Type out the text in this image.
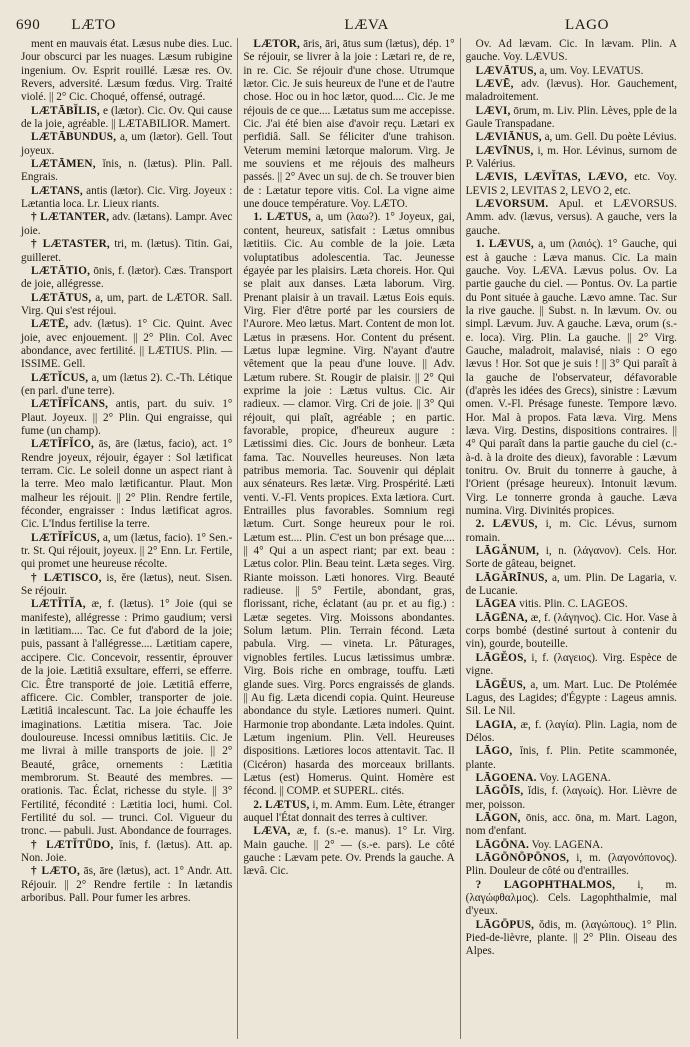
690	LÆTO	LÆVA	LAGO

ment en mauvais état. Læsus nube dies. Luc. Jour obscurci par les nuages. Læsum rubigine ingenium. Ov. Esprit rouillé. Læsæ res. Ov. Revers, adversité. Læsum fœdus. Virg. Traité violé. || 2° Cic. Choqué, offensé, outragé.

LÆTĀBĬLIS, e (lætor). Cic. Ov. Qui cause de la joie, agréable. || LÆTABILIOR. Mamert.

LÆTĀBUNDUS, a, um (lætor). Gell. Tout joyeux.

LÆTĀMEN, ĭnis, n. (lætus). Plin. Pall. Engrais.

LÆTANS, antis (lætor). Cic. Virg. Joyeux : Lætantia loca. Lr. Lieux riants.

† LÆTANTER, adv. (lætans). Lampr. Avec joie.

† LÆTASTER, tri, m. (lætus). Titin. Gai, guilleret.

LÆTĀTIO, ōnis, f. (lætor). Cæs. Transport de joie, allégresse.

LÆTĀTUS, a, um, part. de LÆTOR. Sall. Virg. Qui s'est réjoui.

LÆTĒ, adv. (lætus). 1° Cic. Quint. Avec joie, avec enjouement. || 2° Plin. Col. Avec abondance, avec fertilité. || LÆTIUS. Plin. — ISSIME. Gell.

LÆTĬCUS, a, um (lætus 2). C.-Th. Létique (en parl. d'une terre).

LÆTĬFĬCANS, antis, part. du suiv. 1° Plaut. Joyeux. || 2° Plin. Qui engraisse, qui fume (un champ).

LÆTĬFĬCO, ās, āre (lætus, facio), act. 1° Rendre joyeux, réjouir, égayer : Sol lætificat terram. Cic. Le soleil donne un aspect riant à la terre. Meo malo lætificantur. Plaut. Mon malheur les réjouit. || 2° Plin. Rendre fertile, féconder, engraisser : Indus lætificat agros. Cic. L'Indus fertilise la terre.

LÆTĬFĬCUS, a, um (lætus, facio). 1° Sen.-tr. St. Qui réjouit, joyeux. || 2° Enn. Lr. Fertile, qui promet une heureuse récolte.

† LÆTISCO, is, ĕre (lætus), neut. Sisen. Se réjouir.

LÆTĬTĬA, æ, f. (lætus). 1° Joie (qui se manifeste), allégresse : Primo gaudium; versi in lætitiam.... Tac. Ce fut d'abord de la joie; puis, passant à l'allégresse.... Lætitiam capere, accipere. Cic. Concevoir, ressentir, éprouver de la joie. Lætitiâ exsultare, efferri, se efferre. Cic. Être transporté de joie. Lætitiâ efferre, afficere. Cic. Combler, transporter de joie. Lætitiâ incalescunt. Tac. La joie échauffe les imaginations. Lætitia misera. Tac. Joie douloureuse. Incessi omnibus lætitiis. Cic. Je me livrai à mille transports de joie. || 2° Beauté, grâce, ornements : Lætitia membrorum. St. Beauté des membres. — orationis. Tac. Éclat, richesse du style. || 3° Fertilité, fécondité : Lætitia loci, humi. Col. Fertilité du sol. — trunci. Col. Vigueur du tronc. — pabuli. Just. Abondance de fourrages.

† LÆTĬTŪDO, ĭnis, f. (lætus). Att. ap. Non. Joie.

† LÆTO, ās, āre (lætus), act. 1° Andr. Att. Réjouir. || 2° Rendre fertile : In lætandis arboribus. Pall. Pour fumer les arbres.

LÆTOR, āris, āri, ātus sum (lætus), dép. 1° Se réjouir, se livrer à la joie : Lætari re, de re, in re. Cic. Se réjouir d'une chose. Utrumque lætor. Cic. Je suis heureux de l'une et de l'autre chose. Hoc ou in hoc lætor, quod.... Cic. Je me réjouis de ce que.... Lætatus sum me accepisse. Cic. J'ai été bien aise d'avoir reçu. Lætari ex perfidiâ. Sall. Se féliciter d'une trahison. Veterum memini lætorque malorum. Virg. Je me souviens et me réjouis des malheurs passés. || 2° Avec un suj. de ch. Se trouver bien de : Lætatur tepore vitis. Col. La vigne aime une douce température. Voy. LÆTO.

1. LÆTUS, a, um (λαω?). 1° Joyeux, gai, content, heureux, satisfait : Lætus omnibus lætitiis. Cic. Au comble de la joie. Læta voluptatibus adolescentia. Tac. Jeunesse égayée par les plaisirs. Læta choreis. Hor. Qui se plait aux danses. Læta laborum. Virg. Prenant plaisir à un travail. Lætus Eois equis. Virg. Fier d'être porté par les coursiers de l'Aurore. Meo lætus. Mart. Content de mon lot. Lætus in præsens. Hor. Content du présent. Lætus lupæ legmine. Virg. N'ayant d'autre vêtement que la peau d'une louve. || Adv. Lætum rubere. St. Rougir de plaisir. || 2° Qui exprime la joie : Lætus vultus. Cic. Air radieux. — clamor. Virg. Cri de joie. || 3° Qui réjouit, qui plaît, agréable ; en partic. favorable, propice, d'heureux augure : Lætissimi dies. Cic. Jours de bonheur. Læta fama. Tac. Nouvelles heureuses. Non læta patribus memoria. Tac. Souvenir qui déplait aux sénateurs. Res lætæ. Virg. Prospérité. Læti venti. V.-Fl. Vents propices. Exta lætiora. Curt. Entrailles plus favorables. Somnium regi lætum. Curt. Songe heureux pour le roi. Lætum est.... Plin. C'est un bon présage que.... || 4° Qui a un aspect riant; par ext. beau : Lætus color. Plin. Beau teint. Læta seges. Virg. Riante moisson. Læti honores. Virg. Beauté radieuse. || 5° Fertile, abondant, gras, florissant, riche, éclatant (au pr. et au fig.) : Lætæ segetes. Virg. Moissons abondantes. Solum lætum. Plin. Terrain fécond. Læta pabula. Virg. — vineta. Lr. Pâturages, vignobles fertiles. Lucus lætissimus umbræ. Virg. Bois riche en ombrage, touffu. Læti glande sues. Virg. Porcs engraissés de glands. || Au fig. Læta dicendi copia. Quint. Heureuse abondance du style. Lætiores numeri. Quint. Harmonie trop abondante. Læta indoles. Quint. Lætum ingenium. Plin. Vell. Heureuses dispositions. Lætiores locos attentavit. Tac. Il (Cicéron) hasarda des morceaux brillants. Lætus (est) Homerus. Quint. Homère est fécond. || COMP. et SUPERL. cités.

2. LÆTUS, i, m. Amm. Eum. Lète, étranger auquel l'État donnait des terres à cultiver.

LÆVA, æ, f. (s.-e. manus). 1° Lr. Virg. Main gauche. || 2° — (s.-e. pars). Le côté gauche : Lævam pete. Ov. Prends la gauche. A lævâ. Cic.

Ov. Ad lævam. Cic. In lævam. Plin. A gauche. Voy. LÆVUS.

LÆVĀTUS, a, um. Voy. LEVATUS.

LÆVĒ, adv. (lævus). Hor. Gauchement, maladroitement.

LÆVI, ōrum, m. Liv. Plin. Lèves, pple de la Gaule Transpadane.

LÆVIĀNUS, a, um. Gell. Du poète Lévius.

LÆVĪNUS, i, m. Hor. Lévinus, surnom de P. Valérius.

LÆVIS, LÆVĬTAS, LÆVO, etc. Voy. LEVIS 2, LEVITAS 2, LEVO 2, etc.

LÆVORSUM. Apul. et LÆVORSUS. Amm. adv. (lævus, versus). A gauche, vers la gauche.

1. LÆVUS, a, um (λαιός). 1° Gauche, qui est à gauche : Læva manus. Cic. La main gauche. Voy. LÆVA. Lævus polus. Ov. La partie gauche du ciel. — Pontus. Ov. La partie du Pont située à gauche. Lævo amne. Tac. Sur la rive gauche. || Subst. n. In lævum. Ov. ou simpl. Lævum. Juv. A gauche. Læva, orum (s.-e. loca). Virg. Plin. La gauche. || 2° Virg. Gauche, maladroit, malavisé, niais : O ego lævus ! Hor. Sot que je suis ! || 3° Qui paraît à la gauche de l'observateur, défavorable (d'après les idées des Grecs), sinistre : Lævum omen. V.-Fl. Présage funeste. Tempore lævo. Hor. Mal à propos. Fata læva. Virg. Mens læva. Virg. Destins, dispositions contraires. || 4° Qui paraît dans la partie gauche du ciel (c.-à-d. à la droite des dieux), favorable : Lævum tonitru. Ov. Bruit du tonnerre à gauche, à l'Orient (présage heureux). Intonuit lævum. Virg. Le tonnerre gronda à gauche. Læva numina. Virg. Divinités propices.

2. LÆVUS, i, m. Cic. Lévus, surnom romain.

LĀGĂNUM, i, n. (λάγανον). Cels. Hor. Sorte de gâteau, beignet.

LĀGĂRĪNUS, a, um. Plin. De Lagaria, v. de Lucanie.

LĀGEA vitis. Plin. C. LAGEOS.

LĀGĒNA, æ, f. (λάγηνος). Cic. Hor. Vase à corps bombé (destiné surtout à contenir du vin), gourde, bouteille.

LĀGĔOS, i, f. (λαγειος). Virg. Espèce de vigne.

LĀGĔUS, a, um. Mart. Luc. De Ptolémée Lagus, des Lagides; d'Égypte : Lageus amnis. Sil. Le Nil.

LAGIA, æ, f. (λαγία). Plin. Lagia, nom de Délos.

LĀGO, ĭnis, f. Plin. Petite scammonée, plante.

LĀGOENA. Voy. LAGENA.

LĀGŌĪS, ĭdis, f. (λαγωίς). Hor. Lièvre de mer, poisson.

LĀGON, ōnis, acc. ōna, m. Mart. Lagon, nom d'enfant.

LĀGŌNA. Voy. LAGENA.

LĀGŌNŌPŌNOS, i, m. (λαγονόπονος). Plin. Douleur de côté ou d'entrailles.

? LAGOPHTHALMOS, i, m. (λαγώφθαλμος). Cels. Lagophthalmie, mal d'yeux.

LĀGŌPUS, ŏdis, m. (λαγώπους). 1° Plin. Pied-de-lièvre, plante. || 2° Plin. Oiseau des Alpes.
